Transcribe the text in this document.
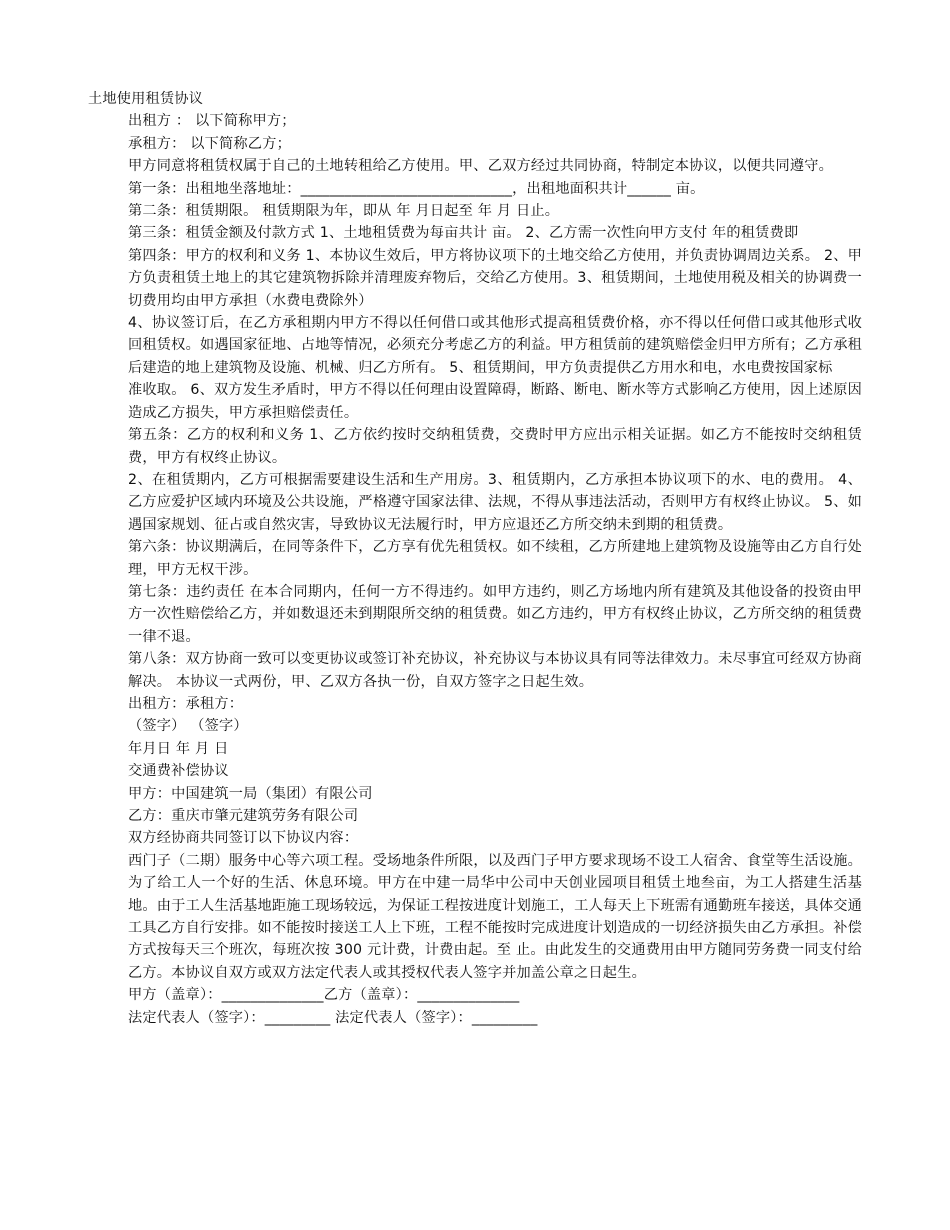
土地使用租赁协议
出租方 ： 以下简称甲方；
承租方： 以下简称乙方；
甲方同意将租赁权属于自己的土地转租给乙方使用。甲、乙双方经过共同协商，特制定本协议，以便共同遵守。
第一条：出租地坐落地址：_____________________________，出租地面积共计______ 亩。
第二条：租赁期限。 租赁期限为年，即从 年 月日起至 年 月 日止。
第三条：租赁金额及付款方式 1、土地租赁费为每亩共计 亩。 2、乙方需一次性向甲方支付 年的租赁费即
第四条：甲方的权利和义务 1、本协议生效后，甲方将协议项下的土地交给乙方使用，并负责协调周边关系。 2、甲方负责租赁土地上的其它建筑物拆除并清理废弃物后，交给乙方使用。3、租赁期间，土地使用税及相关的协调费一切费用均由甲方承担（水费电费除外）
4、协议签订后，在乙方承租期内甲方不得以任何借口或其他形式提高租赁费价格，亦不得以任何借口或其他形式收回租赁权。如遇国家征地、占地等情况，必须充分考虑乙方的利益。甲方租赁前的建筑赔偿金归甲方所有；乙方承租后建造的地上建筑物及设施、机械、归乙方所有。 5、租赁期间，甲方负责提供乙方用水和电，水电费按国家标
准收取。 6、双方发生矛盾时，甲方不得以任何理由设置障碍，断路、断电、断水等方式影响乙方使用，因上述原因造成乙方损失，甲方承担赔偿责任。
第五条：乙方的权利和义务 1、乙方依约按时交纳租赁费，交费时甲方应出示相关证据。如乙方不能按时交纳租赁费，甲方有权终止协议。
2、在租赁期内，乙方可根据需要建设生活和生产用房。3、租赁期内，乙方承担本协议项下的水、电的费用。 4、乙方应爱护区域内环境及公共设施，严格遵守国家法律、法规，不得从事违法活动，否则甲方有权终止协议。 5、如遇国家规划、征占或自然灾害，导致协议无法履行时，甲方应退还乙方所交纳未到期的租赁费。
第六条：协议期满后，在同等条件下，乙方享有优先租赁权。如不续租，乙方所建地上建筑物及设施等由乙方自行处理，甲方无权干涉。
第七条：违约责任 在本合同期内，任何一方不得违约。如甲方违约，则乙方场地内所有建筑及其他设备的投资由甲方一次性赔偿给乙方，并如数退还未到期限所交纳的租赁费。如乙方违约，甲方有权终止协议，乙方所交纳的租赁费一律不退。
第八条：双方协商一致可以变更协议或签订补充协议，补充协议与本协议具有同等法律效力。未尽事宜可经双方协商解决。 本协议一式两份，甲、乙双方各执一份，自双方签字之日起生效。
出租方：承租方：
（签字） （签字）
年月日 年 月 日
交通费补偿协议
甲方：中国建筑一局（集团）有限公司
乙方：重庆市肇元建筑劳务有限公司
双方经协商共同签订以下协议内容：
西门子（二期）服务中心等六项工程。受场地条件所限，以及西门子甲方要求现场不设工人宿舍、食堂等生活设施。为了给工人一个好的生活、休息环境。甲方在中建一局华中公司中天创业园项目租赁土地叁亩，为工人搭建生活基地。由于工人生活基地距施工现场较远，为保证工程按进度计划施工，工人每天上下班需有通勤班车接送，具体交通工具乙方自行安排。如不能按时接送工人上下班，工程不能按时完成进度计划造成的一切经济损失由乙方承担。补偿方式按每天三个班次，每班次按 300 元计费，计费由起。至 止。由此发生的交通费用由甲方随同劳务费一同支付给乙方。本协议自双方或双方法定代表人或其授权代表人签字并加盖公章之日起生。
甲方（盖章）：______________乙方（盖章）：______________
法定代表人（签字）：_________ 法定代表人（签字）：_________
